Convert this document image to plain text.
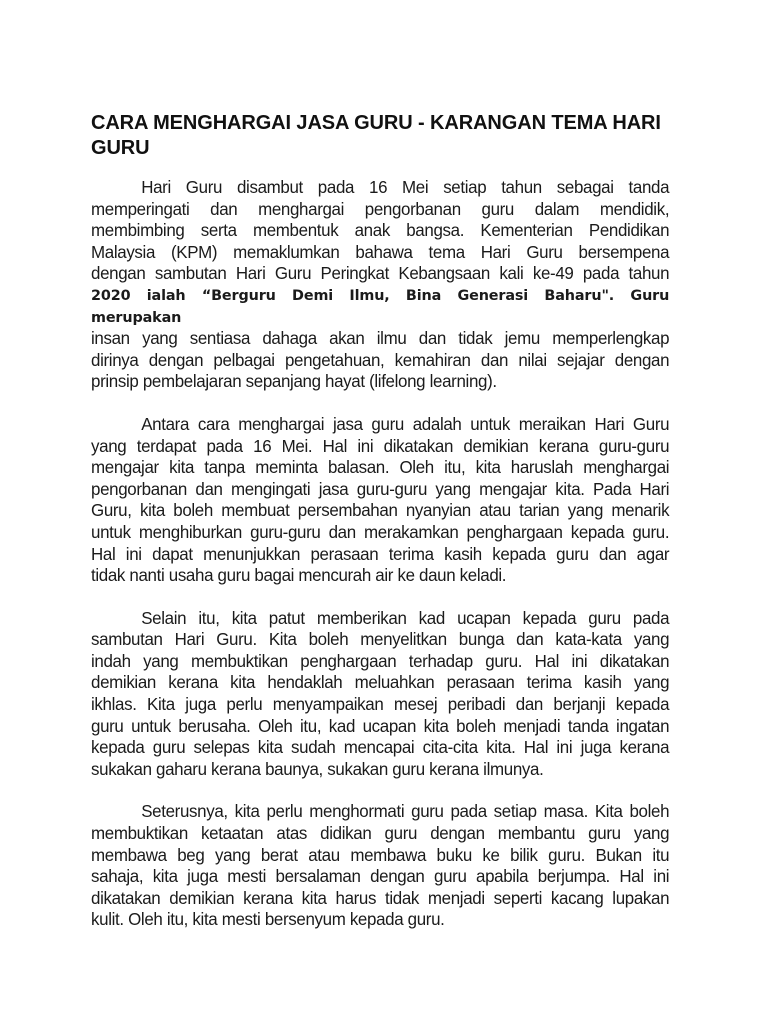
CARA MENGHARGAI JASA GURU - KARANGAN TEMA HARI
GURU
Hari Guru disambut pada 16 Mei setiap tahun sebagai tanda
memperingati dan menghargai pengorbanan guru dalam mendidik,
membimbing serta membentuk anak bangsa. Kementerian Pendidikan
Malaysia (KPM) memaklumkan bahawa tema Hari Guru bersempena
dengan sambutan Hari Guru Peringkat Kebangsaan kali ke-49 pada tahun
2020 ialah “Berguru Demi Ilmu, Bina Generasi Baharu". Guru merupakan
insan yang sentiasa dahaga akan ilmu dan tidak jemu memperlengkap
dirinya dengan pelbagai pengetahuan, kemahiran dan nilai sejajar dengan
prinsip pembelajaran sepanjang hayat (lifelong learning).
Antara cara menghargai jasa guru adalah untuk meraikan Hari Guru
yang terdapat pada 16 Mei. Hal ini dikatakan demikian kerana guru-guru
mengajar kita tanpa meminta balasan. Oleh itu, kita haruslah menghargai
pengorbanan dan mengingati jasa guru-guru yang mengajar kita. Pada Hari
Guru, kita boleh membuat persembahan nyanyian atau tarian yang menarik
untuk menghiburkan guru-guru dan merakamkan penghargaan kepada guru.
Hal ini dapat menunjukkan perasaan terima kasih kepada guru dan agar
tidak nanti usaha guru bagai mencurah air ke daun keladi.
Selain itu, kita patut memberikan kad ucapan kepada guru pada
sambutan Hari Guru. Kita boleh menyelitkan bunga dan kata-kata yang
indah yang membuktikan penghargaan terhadap guru. Hal ini dikatakan
demikian kerana kita hendaklah meluahkan perasaan terima kasih yang
ikhlas. Kita juga perlu menyampaikan mesej peribadi dan berjanji kepada
guru untuk berusaha. Oleh itu, kad ucapan kita boleh menjadi tanda ingatan
kepada guru selepas kita sudah mencapai cita-cita kita. Hal ini juga kerana
sukakan gaharu kerana baunya, sukakan guru kerana ilmunya.
Seterusnya, kita perlu menghormati guru pada setiap masa. Kita boleh
membuktikan ketaatan atas didikan guru dengan membantu guru yang
membawa beg yang berat atau membawa buku ke bilik guru. Bukan itu
sahaja, kita juga mesti bersalaman dengan guru apabila berjumpa. Hal ini
dikatakan demikian kerana kita harus tidak menjadi seperti kacang lupakan
kulit. Oleh itu, kita mesti bersenyum kepada guru.
